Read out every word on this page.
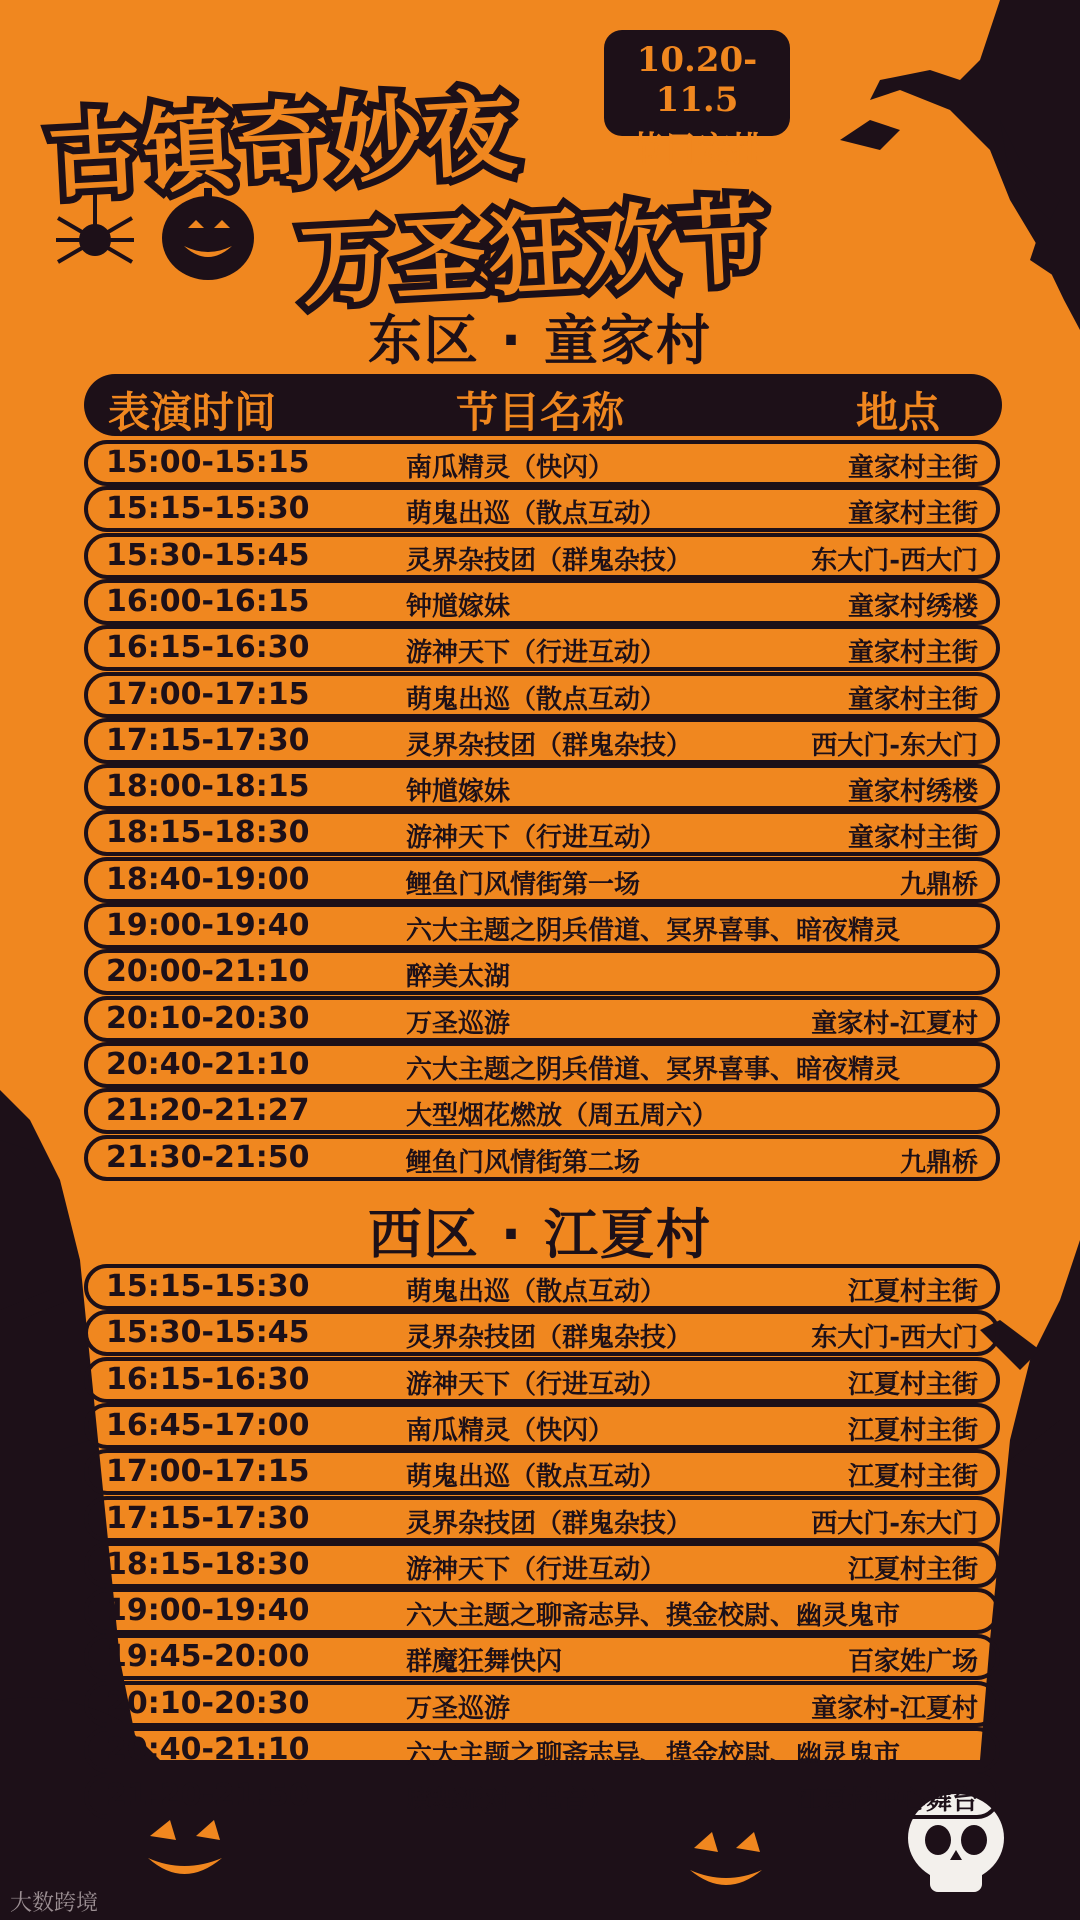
古镇奇妙夜
万圣狂欢节
10.20-11.5
节目安排
东区 · 童家村
表演时间	节目名称	地点
15:00-15:15	南瓜精灵（快闪）	童家村主街
15:15-15:30	萌鬼出巡（散点互动）	童家村主街
15:30-15:45	灵界杂技团（群鬼杂技）	东大门-西大门
16:00-16:15	钟馗嫁妹	童家村绣楼
16:15-16:30	游神天下（行进互动）	童家村主街
17:00-17:15	萌鬼出巡（散点互动）	童家村主街
17:15-17:30	灵界杂技团（群鬼杂技）	西大门-东大门
18:00-18:15	钟馗嫁妹	童家村绣楼
18:15-18:30	游神天下（行进互动）	童家村主街
18:40-19:00	鲤鱼门风情街第一场	九鼎桥
19:00-19:40	六大主题之阴兵借道、冥界喜事、暗夜精灵
20:00-21:10	醉美太湖
20:10-20:30	万圣巡游	童家村-江夏村
20:40-21:10	六大主题之阴兵借道、冥界喜事、暗夜精灵
21:20-21:27	大型烟花燃放（周五周六）
21:30-21:50	鲤鱼门风情街第二场	九鼎桥
西区 · 江夏村
15:15-15:30	萌鬼出巡（散点互动）	江夏村主街
15:30-15:45	灵界杂技团（群鬼杂技）	东大门-西大门
16:15-16:30	游神天下（行进互动）	江夏村主街
16:45-17:00	南瓜精灵（快闪）	江夏村主街
17:00-17:15	萌鬼出巡（散点互动）	江夏村主街
17:15-17:30	灵界杂技团（群鬼杂技）	西大门-东大门
18:15-18:30	游神天下（行进互动）	江夏村主街
19:00-19:40	六大主题之聊斋志异、摸金校尉、幽灵鬼市
19:45-20:00	群魔狂舞快闪	百家姓广场
20:10-20:30	万圣巡游	童家村-江夏村
20:40-21:10	六大主题之聊斋志异、摸金校尉、幽灵鬼市
21:20-21:50	魔舞派对（电音）	江夏村中心舞台
大数跨境
